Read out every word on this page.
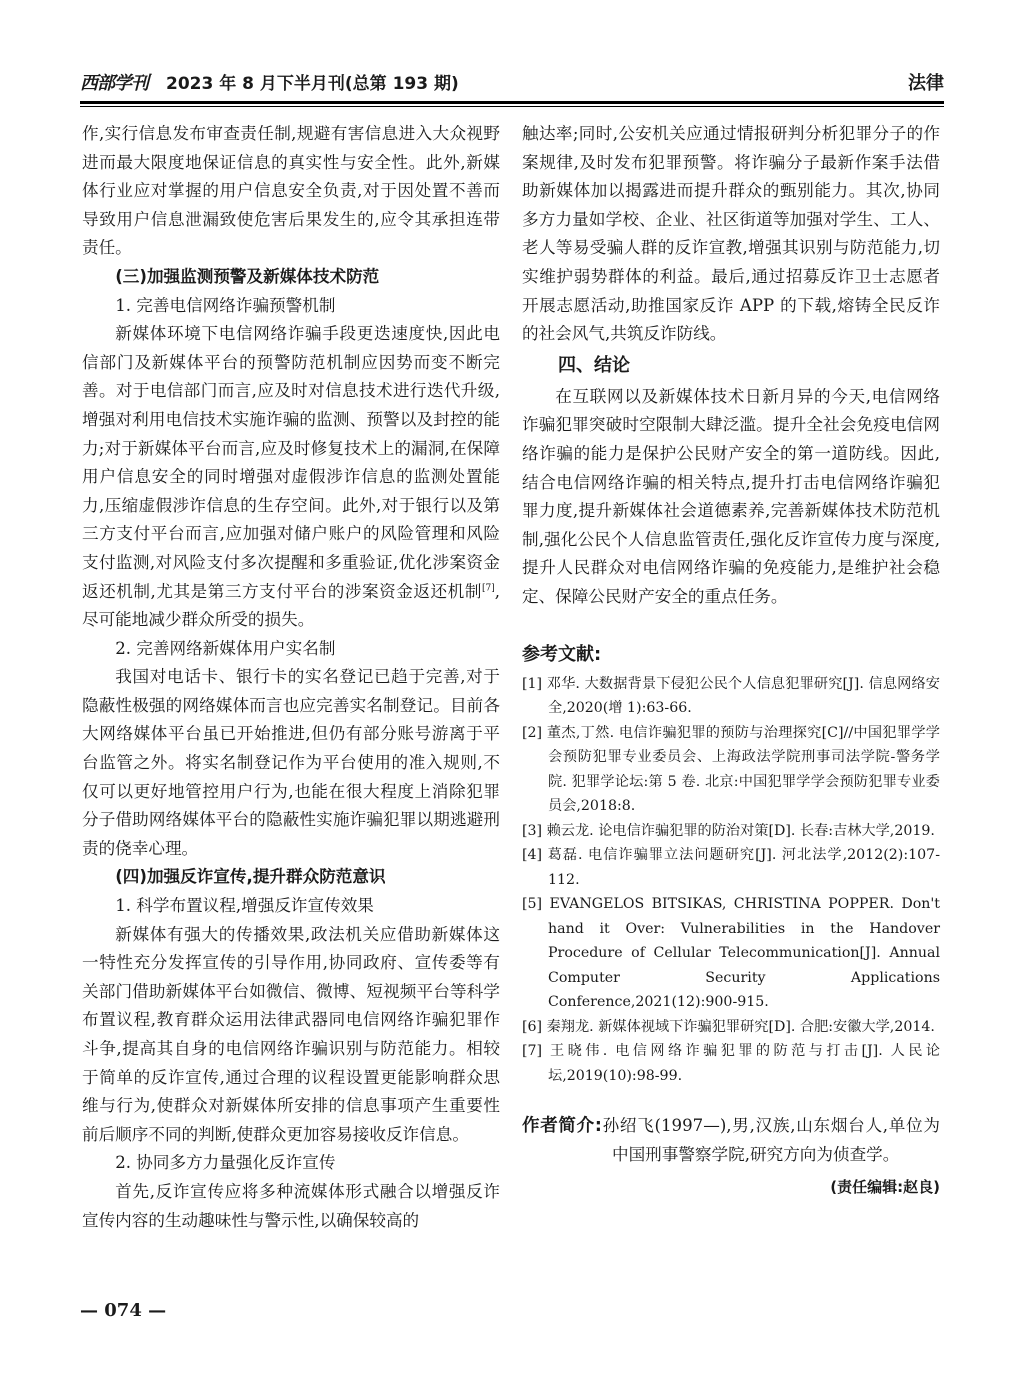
西部学刊 2023 年 8 月下半月刊(总第 193 期)	法律

作,实行信息发布审查责任制,规避有害信息进入大众视野进而最大限度地保证信息的真实性与安全性。此外,新媒体行业应对掌握的用户信息安全负责,对于因处置不善而导致用户信息泄漏致使危害后果发生的,应令其承担连带责任。

(三)加强监测预警及新媒体技术防范

1. 完善电信网络诈骗预警机制

新媒体环境下电信网络诈骗手段更迭速度快,因此电信部门及新媒体平台的预警防范机制应因势而变不断完善。对于电信部门而言,应及时对信息技术进行迭代升级,增强对利用电信技术实施诈骗的监测、预警以及封控的能力;对于新媒体平台而言,应及时修复技术上的漏洞,在保障用户信息安全的同时增强对虚假涉诈信息的监测处置能力,压缩虚假涉诈信息的生存空间。此外,对于银行以及第三方支付平台而言,应加强对储户账户的风险管理和风险支付监测,对风险支付多次提醒和多重验证,优化涉案资金返还机制,尤其是第三方支付平台的涉案资金返还机制[7],尽可能地减少群众所受的损失。

2. 完善网络新媒体用户实名制

我国对电话卡、银行卡的实名登记已趋于完善,对于隐蔽性极强的网络媒体而言也应完善实名制登记。目前各大网络媒体平台虽已开始推进,但仍有部分账号游离于平台监管之外。将实名制登记作为平台使用的准入规则,不仅可以更好地管控用户行为,也能在很大程度上消除犯罪分子借助网络媒体平台的隐蔽性实施诈骗犯罪以期逃避刑责的侥幸心理。

(四)加强反诈宣传,提升群众防范意识

1. 科学布置议程,增强反诈宣传效果

新媒体有强大的传播效果,政法机关应借助新媒体这一特性充分发挥宣传的引导作用,协同政府、宣传委等有关部门借助新媒体平台如微信、微博、短视频平台等科学布置议程,教育群众运用法律武器同电信网络诈骗犯罪作斗争,提高其自身的电信网络诈骗识别与防范能力。相较于简单的反诈宣传,通过合理的议程设置更能影响群众思维与行为,使群众对新媒体所安排的信息事项产生重要性前后顺序不同的判断,使群众更加容易接收反诈信息。

2. 协同多方力量强化反诈宣传

首先,反诈宣传应将多种流媒体形式融合以增强反诈宣传内容的生动趣味性与警示性,以确保较高的

触达率;同时,公安机关应通过情报研判分析犯罪分子的作案规律,及时发布犯罪预警。将诈骗分子最新作案手法借助新媒体加以揭露进而提升群众的甄别能力。其次,协同多方力量如学校、企业、社区街道等加强对学生、工人、老人等易受骗人群的反诈宣教,增强其识别与防范能力,切实维护弱势群体的利益。最后,通过招募反诈卫士志愿者开展志愿活动,助推国家反诈 APP 的下载,熔铸全民反诈的社会风气,共筑反诈防线。

四、结论

在互联网以及新媒体技术日新月异的今天,电信网络诈骗犯罪突破时空限制大肆泛滥。提升全社会免疫电信网络诈骗的能力是保护公民财产安全的第一道防线。因此,结合电信网络诈骗的相关特点,提升打击电信网络诈骗犯罪力度,提升新媒体社会道德素养,完善新媒体技术防范机制,强化公民个人信息监管责任,强化反诈宣传力度与深度,提升人民群众对电信网络诈骗的免疫能力,是维护社会稳定、保障公民财产安全的重点任务。

参考文献:

[1] 邓华. 大数据背景下侵犯公民个人信息犯罪研究[J]. 信息网络安全,2020(增 1):63-66.
[2] 董杰,丁然. 电信诈骗犯罪的预防与治理探究[C]//中国犯罪学学会预防犯罪专业委员会、上海政法学院刑事司法学院-警务学院. 犯罪学论坛:第 5 卷. 北京:中国犯罪学学会预防犯罪专业委员会,2018:8.
[3] 赖云龙. 论电信诈骗犯罪的防治对策[D]. 长春:吉林大学,2019.
[4] 葛磊. 电信诈骗罪立法问题研究[J]. 河北法学,2012(2):107-112.
[5] EVANGELOS BITSIKAS, CHRISTINA POPPER. Don't hand it Over: Vulnerabilities in the Handover Procedure of Cellular Telecommunication[J]. Annual Computer Security Applications Conference,2021(12):900-915.
[6] 秦翔龙. 新媒体视域下诈骗犯罪研究[D]. 合肥:安徽大学,2014.
[7] 王晓伟. 电信网络诈骗犯罪的防范与打击[J]. 人民论坛,2019(10):98-99.

作者简介:孙绍飞(1997—),男,汉族,山东烟台人,单位为中国刑事警察学院,研究方向为侦查学。

(责任编辑:赵良)

— 074 —
